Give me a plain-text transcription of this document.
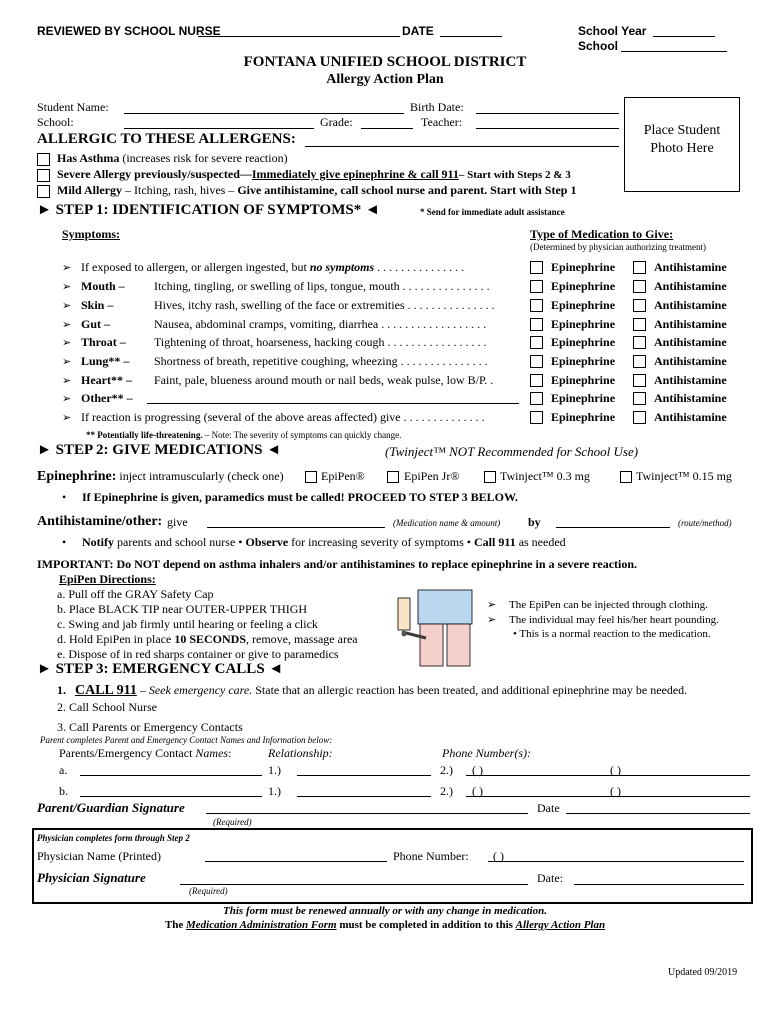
REVIEWED BY SCHOOL NURSE	DATE	School Year
School
FONTANA UNIFIED SCHOOL DISTRICT
Allergy Action Plan
Student Name:	Birth Date:
School:	Grade:	Teacher:
Place Student
Photo Here
ALLERGIC TO THESE ALLERGENS:
Has Asthma (increases risk for severe reaction)
Severe Allergy previously/suspected—Immediately give epinephrine & call 911– Start with Steps 2 & 3
Mild Allergy – Itching, rash, hives – Give antihistamine, call school nurse and parent. Start with Step 1
► STEP 1: IDENTIFICATION OF SYMPTOMS* ◄	* Send for immediate adult assistance
Symptoms:	Type of Medication to Give:
(Determined by physician authorizing treatment)
➢ If exposed to allergen, or allergen ingested, but no symptoms . . . . . . . . . . . . . . .	Epinephrine	Antihistamine
➢ Mouth – Itching, tingling, or swelling of lips, tongue, mouth . . . . . . . . . . . . . . .	Epinephrine	Antihistamine
➢ Skin –	Hives, itchy rash, swelling of the face or extremities . . . . . . . . . . . . . . .	Epinephrine	Antihistamine
➢ Gut –	Nausea, abdominal cramps, vomiting, diarrhea . . . . . . . . . . . . . . . . . .	Epinephrine	Antihistamine
➢ Throat – Tightening of throat, hoarseness, hacking cough . . . . . . . . . . . . . . . . .	Epinephrine	Antihistamine
➢ Lung** – Shortness of breath, repetitive coughing, wheezing . . . . . . . . . . . . . . .	Epinephrine	Antihistamine
➢ Heart** – Faint, pale, blueness around mouth or nail beds, weak pulse, low B/P. .	Epinephrine	Antihistamine
➢ Other** –	Epinephrine	Antihistamine
➢ If reaction is progressing (several of the above areas affected) give . . . . . . . . . . . . . .	Epinephrine	Antihistamine
** Potentially life-threatening. – Note: The severity of symptoms can quickly change.
► STEP 2: GIVE MEDICATIONS ◄	(Twinject™ NOT Recommended for School Use)
Epinephrine: inject intramuscularly (check one)	EpiPen®	EpiPen Jr®	Twinject™ 0.3 mg	Twinject™ 0.15 mg
• If Epinephrine is given, paramedics must be called! PROCEED TO STEP 3 BELOW.
Antihistamine/other: give	(Medication name & amount) by	(route/method)
• Notify parents and school nurse • Observe for increasing severity of symptoms • Call 911 as needed
IMPORTANT: Do NOT depend on asthma inhalers and/or antihistamines to replace epinephrine in a severe reaction.
EpiPen Directions:
a. Pull off the GRAY Safety Cap
b. Place BLACK TIP near OUTER-UPPER THIGH
c. Swing and jab firmly until hearing or feeling a click
d. Hold EpiPen in place 10 SECONDS, remove, massage area
e. Dispose of in red sharps container or give to paramedics
➢ The EpiPen can be injected through clothing.
➢ The individual may feel his/her heart pounding.
• This is a normal reaction to the medication.
► STEP 3: EMERGENCY CALLS ◄
1. CALL 911 – Seek emergency care. State that an allergic reaction has been treated, and additional epinephrine may be needed.
2. Call School Nurse
3. Call Parents or Emergency Contacts
Parent completes Parent and Emergency Contact Names and Information below:
Parents/Emergency Contact Names:	Relationship:	Phone Number(s):
a.	1.)	2.) ( )	( )
b.	1.)	2.) ( )	( )
Parent/Guardian Signature	Date
(Required)
Physician completes form through Step 2
Physician Name (Printed)	Phone Number: ( )
Physician Signature	Date:
(Required)
This form must be renewed annually or with any change in medication.
The Medication Administration Form must be completed in addition to this Allergy Action Plan
Updated 09/2019
